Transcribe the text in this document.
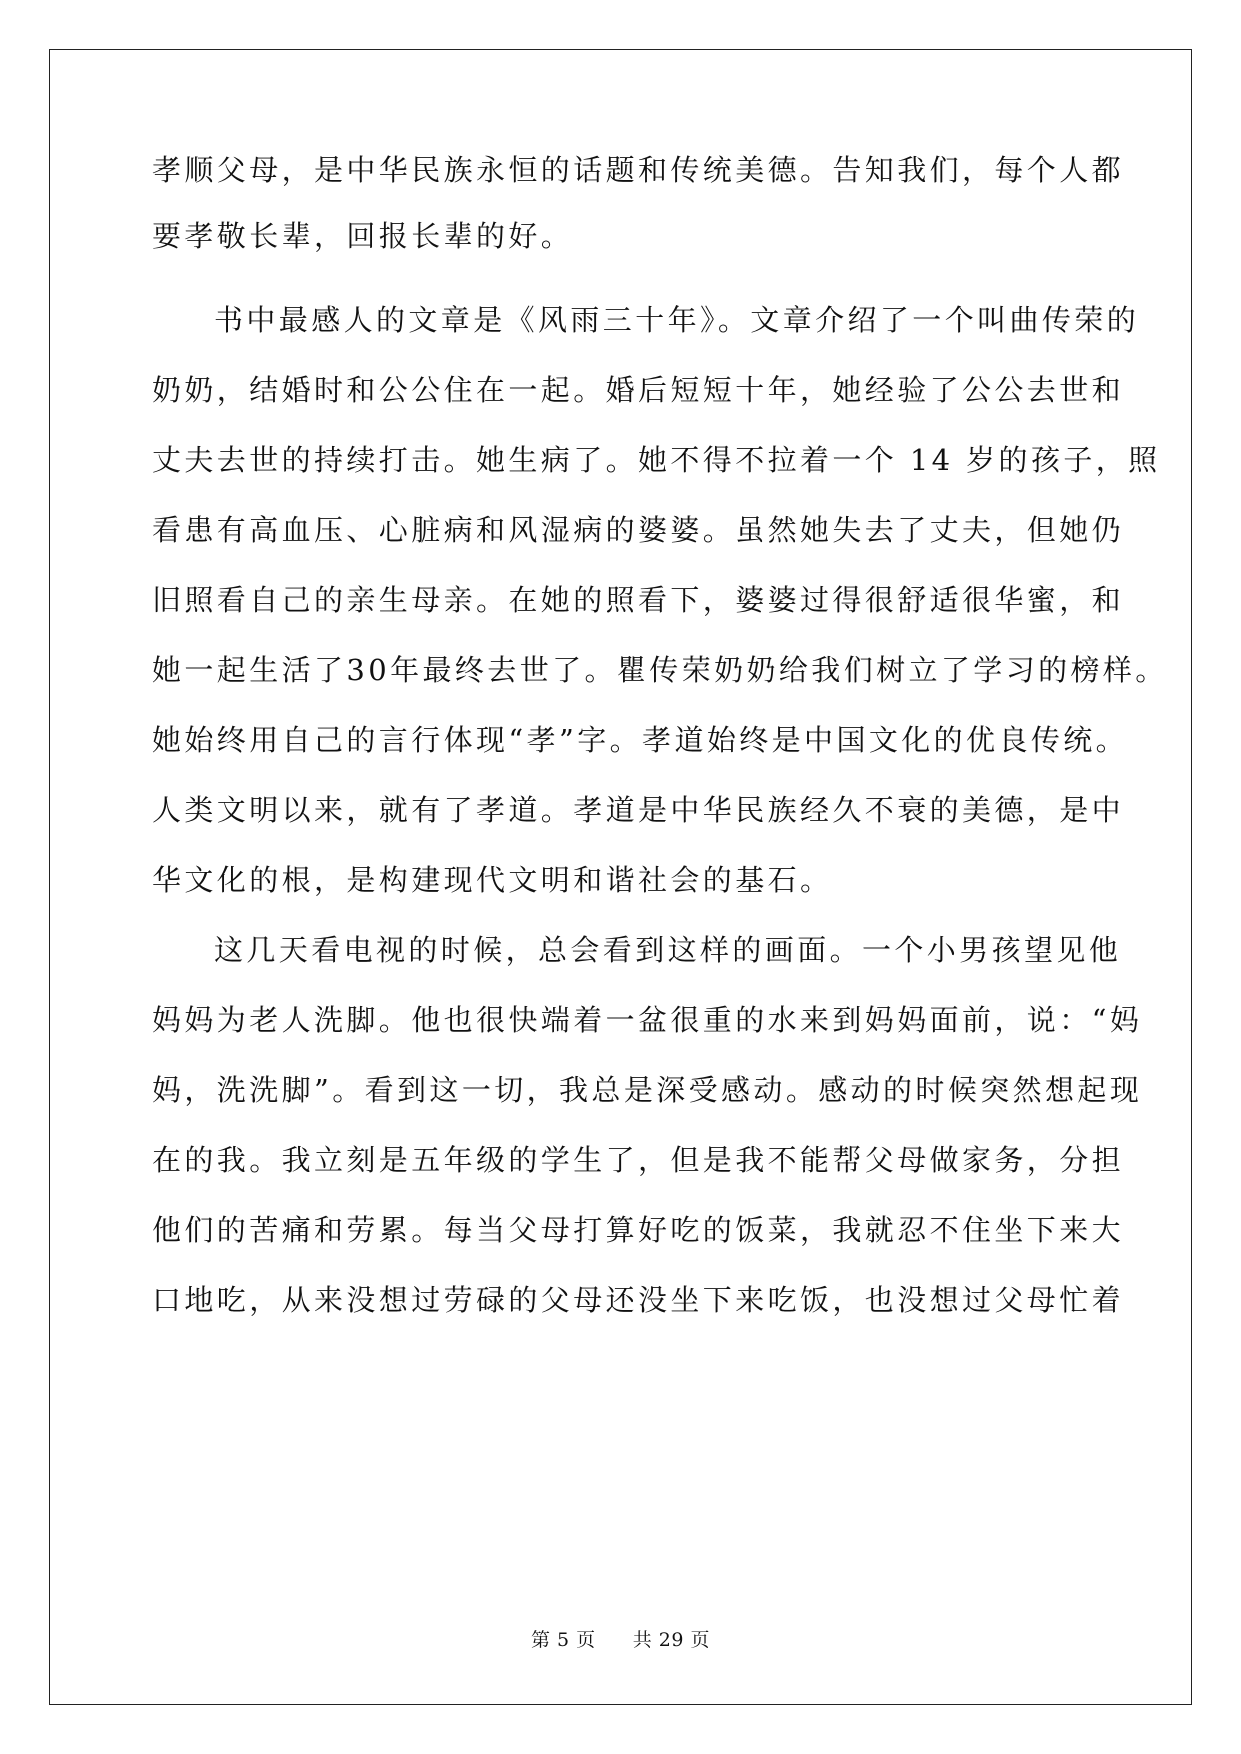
孝顺父母，是中华民族永恒的话题和传统美德。告知我们，每个人都
要孝敬长辈，回报长辈的好。
书中最感人的文章是《风雨三十年》。文章介绍了一个叫曲传荣的
奶奶，结婚时和公公住在一起。婚后短短十年，她经验了公公去世和
丈夫去世的持续打击。她生病了。她不得不拉着一个 14 岁的孩子，照
看患有高血压、心脏病和风湿病的婆婆。虽然她失去了丈夫，但她仍
旧照看自己的亲生母亲。在她的照看下，婆婆过得很舒适很华蜜，和
她一起生活了30年最终去世了。瞿传荣奶奶给我们树立了学习的榜样。
她始终用自己的言行体现“孝”字。孝道始终是中国文化的优良传统。
人类文明以来，就有了孝道。孝道是中华民族经久不衰的美德，是中
华文化的根，是构建现代文明和谐社会的基石。
这几天看电视的时候，总会看到这样的画面。一个小男孩望见他
妈妈为老人洗脚。他也很快端着一盆很重的水来到妈妈面前，说：“妈
妈，洗洗脚”。看到这一切，我总是深受感动。感动的时候突然想起现
在的我。我立刻是五年级的学生了，但是我不能帮父母做家务，分担
他们的苦痛和劳累。每当父母打算好吃的饭菜，我就忍不住坐下来大
口地吃，从来没想过劳碌的父母还没坐下来吃饭，也没想过父母忙着
第 5 页 共 29 页
